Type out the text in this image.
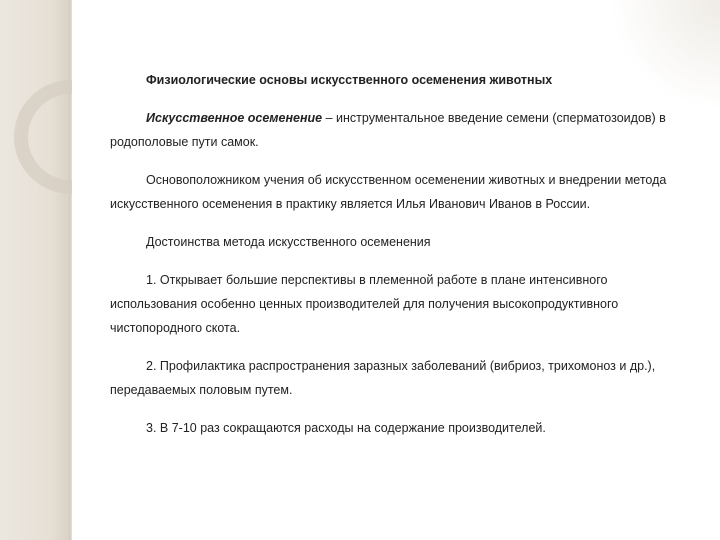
Физиологические основы искусственного осеменения животных

Искусственное осеменение – инструментальное введение семени (сперматозоидов) в родополовые пути самок.

Основоположником учения об искусственном осеменении животных и внедрении метода искусственного осеменения в практику является Илья Иванович Иванов в России.

Достоинства метода искусственного осеменения

1. Открывает большие перспективы в племенной работе в плане интенсивного использования особенно ценных производителей для получения высокопродуктивного чистопородного скота.

2. Профилактика распространения заразных заболеваний (вибриоз, трихомоноз и др.), передаваемых половым путем.

3. В 7-10 раз сокращаются расходы на содержание производителей.
